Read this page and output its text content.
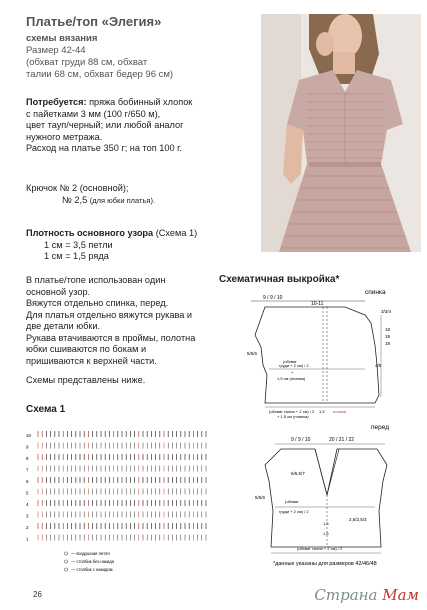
Платье/топ «Элегия»
схемы вязания
Размер 42-44
(обхват груди 88 см, обхват
талии 68 см, обхват бедер 96 см)
Потребуется: пряжа бобинный хлопок
с пайетками 3 мм (100 г/650 м),
цвет тауп/черный; или любой аналог
нужного метража.
Расход на платье 350 г; на топ 100 г.
Крючок № 2 (основной);
№ 2,5 (для юбки платья).
Плотность основного узора (Схема 1)
1 см = 3,5 петли
1 см = 1,5 ряда
В платье/топе использован один
основной узор.
Вяжутся отдельно спинка, перед.
Для платья отдельно вяжутся рукава и
две детали юбки.
Рукава втачиваются в проймы, полотна
юбки сшиваются по бокам и
пришиваются к верхней части.
Схемы представлены ниже.
Схема 1
10
9
8
7
6
5
4
3
2
1
— воздушная петля
— столбик без накида
— столбик с накидом
Схематичная выкройка*
спинка
9 / 9 / 10
10-11
3/3/4
18
19
19
5/5/6
4/5
(обхват
груди + 2 см) / 2
+
1,5 см (планка)
(обхват талии + 2 см) / 2
+ 1,5 см (планка)
планка
1,5
перед
9 / 9 / 10	20 / 21 / 22
6/6,5/7
5/5/6
2,5/2,5/3
(обхват
груди + 2 см) / 2
(обхват талии + 2 см) / 2
1,5
1,5
*данные указаны для размеров 42/46/48
26	Страна Мам
